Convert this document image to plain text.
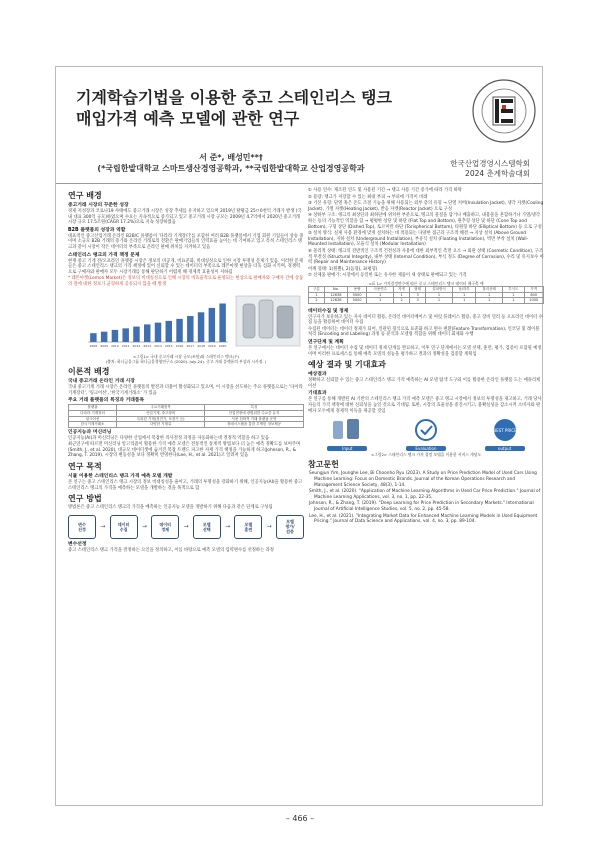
기계학습기법을 이용한 중고 스테인리스 탱크
매입가격 예측 모델에 관한 연구
한국산업경영시스템학회
2024 춘계학술대회
서 준*, 배성민**†
(*국립한밭대학교 스마트생산경영공학과, **국립한밭대학교 산업경영공학과
연구 배경
중고거래 시장의 꾸준한 성장
경제 저성장과 코로나19 사태에도 중고거래 시장은 성장 추세를 유지하고 있으며 2019년 탈황금 25ㅁ0천억 거래가 발생 (국내 대표 300억 규모)하였으며 수요는 지속적으로 증가되고 있고 중고거래 시장 규모는 2009년 4.7억에서 2020년 중고거래 시장 규모 17.5조원(CAGR 17.2%)으로 지속 성장하였음
B2B 플랫폼의 성장과 역할
대표적인 중고산업거래 온라인 B2B/C 플랫폼이 '다라라 기계장터'를 포함한 여러 B2B 플랫폼에서 기업 회원 기업들이 상승 중이며 소규모 B2B 거래의 증가와 온라인 거래로의 전환은 판매기업들의 인력효율 높이는 데 기여하고 있고 특히 스테인리스 탱크과 같이 시장이 작은 데이터의 부족으로 온라인 판매 위치를 지켜하고 있음
스테인리스 탱크의 가격 책정 문제
현재 중고 기계 전/오프라인 플랫폼 시장은 정보의 비공개, 비표준화, 비대칭성으로 인한 시장 투명성 문제가 있음. 이러한 문제들은 중고 스테인리스 탱크의 가격 책정에 있어 신뢰할 수 있는 데이터의 부족으로 레몬마켓 현상을 더욱 심화 시키며, 경쟁력으로 구매자와 판매자 모두 시장거래를 통해 판단하기 어렵게 해 경제적 효율성이 저하됨
* 레몬마켓(Lemon Market)은 정보의 비대칭성으로 인해 시장의 비효율적으로 운영되는 현상으로 판매자와 구매자 간에 상품의 질에 대한 정보가 균형하게 공유되지 않을 때 발생
2008 2009 2010 2011 2012 2013 2014 2015 2016 2017 2018 2019 2020
<그림1> 국내 중고거래 시장 규모(조원)와 스테인리스 탱크(우)
(출처: 하나금융그룹 하나금융경영연구소 (2020). July 24). 중고 거래 플랫폼의 부상과 시사점. )
이론적 배경
국내 중고거래 온라인 거래 시장
국내 중고기계 거래 시장은 온라인 플랫폼의 발전과 더불어 활성화되고 있으며, 이 시장을 선도하는 주요 플랫폼으로는 '다이라 기계장터', '링크어선', '한국기계거래소' 가 있음
주요 거래 플랫폼의 특징과 거래품목
플랫폼	주요거래품목	특징
다라라 기계장터	산업기계, 중고장비	산업현장에 광범위한 수요층 유지
링크어선	특화된 기계(정전기, 포장기 등)	사용 친화적 거래 플랫폼 운영
한국기계거래소	다양한 기계류	경매시스템을 통한 투명한 정보제공
인공지능과 머신러닝
인공지능(AI)과 머신러닝은 다양한 산업에서 복잡한 의사결정 과정을 자동화하는데 결정적 역할을 하고 있음
최근연구에 따르면 머신러닝 알고리즘이 활용한 가격 예측 모델은 전통적인 통계적 방법보다 더 높은 예측 정확도를 보여주며(Smith, J., et al. 2020), 대규모 데이터셋에 숨겨진 복잡 트렌드 파고한 자재 가격 책정을 가능하게 하고(Johnson, R., & Zhang, T. 2019), 시장의 변동성을 보다 정확히 반영한다(Lee, H., et al. 2021)고 알려져 있음
연구 목적
시뮬 이용한 스테인리스 탱크 가격 예측 모델 개발
본 연구는 중고 스테인리스 탱크 시장의 정보 비대칭성을 줄이고, 거래의 투명성을 강화하기 위해, 인공지능(AI)을 활용한 중고 스테인리스 탱크의 가격을 예측하는 모델을 개발하는 것을 목적으로 함
연구 방법
방법론은 중고 스테인리스 탱크의 가격을 예측하는 인공지능 모델을 개발하기 위해 다음과 같은 단계로 구성됨
변수
선정	→	데이터
수집	→	데이터
정제	→	모델
선택	→	모델
훈련	→
모델
평가/
검증
변수선정
중고 스테인리스 탱크 가격을 결정하는 요인을 정의하고, 이를 바탕으로 예측 모델의 입력변수를 선정하는 과정
① 사용 연수: 제조된 연도 및 사용된 기간 → 탱크 사용 기간 증가에 따라 가격 하락
② 용량: 탱크가 저장할 수 있는 최대 부피 → 부피에 가격이 비례
③ 기본 유형: 단열 혹은 온도 조절 기능을 위해 사용되는 외부 층의 유형 → 단열 커버(Insulation Jacket), 냉각 자켓(Cooling Jacket), 가열 자켓(Heating Jacket), 반응 자켓(Reactor Jacket) 으로 구성
④ 상하부 구조: 탱크의 최상단과 최하단에 위치한 부분으로, 탱크의 물질을 담거나 배출하고, 내용물을 혼합하거나 가열/냉각하는 등의 기능적인 역할을 함 → 평평한 상단 및 하단 (Flat Top and Bottom), 원추형 상단 및 하단 (Cone Top and Bottom), 구형 상단 (Dished Top), 토르미칼 하단 (Torispherical Bottom), 타원형 하단 (Elliptical Bottom) 등 으로 구성
⑤ 설치 방식: 실제 사용 환경에 맞게 설치하는 데 적용되는 다양한 접근과 구조적 해결 → 지상 설치 (Above Ground Installation), 지하 설치 (Underground Installation), 부유식 설치 (Floating Installation), 벽면 부착 설치 (Wall-Mounted Installation), 모듈식 설치 (Modular Installation)
⑥ 물리적 상태: 탱크의 전반적인 구조적 건전성과 사용에 대한 외부적인 측면 요소 → 외관 상태 (Cosmetic Condition), 구조적 무결성 (Structural Integrity), 내부 상태 (Internal Condition), 부식 정도 (Degree of Corrosion), 수리 및 유지보수 이력 (Repair and Maintenance History)
어깨 형태: 1(원뿔), 2(돔형), 3(평형)
⑦ 신제품 판매가: 시장에서 동일한 또는 유사한 제품이 새 상태로 판매되고 있는 가격
<표 1> 가격결정변수에 따른 중고 스테인리스 탱크 데이터 매구축 예
구분	No.	용량	사용연수	자켓	형태	설치방식	상/하부	물리상태	부식도	가격
1	12636	5000	1	1	3	1	1	1	1	800
2	12636	5000	1	2	3	1	1	1	1	1000
데이터수집 및 정제
연구자가 보유하고 있는 자사 데이터 활용, 온라인 데이터베이스 및 여럿 플레이스 활용, 중고 장비 딜러 등 오프라인 데이터 수집 등을 활용하여 데이터 수집
수집된 데이터는 데이터 정제가 되어, 일관된 형식으로 표준화 하고 변수 변환(Feature Transformation), 인코딩 및 레이블 처리 (Encoding and Labeling) 과정 등 분석과 모델링 적합을 위해 데이터 회제화 수행
연구단계 및 계획
본 연구에서는 데이터 수집 및 데이터 정제 단계를 완료하고, 이후 연구 단계에서는 모델 선택, 훈련, 평가, 검증이 포함될 예정이며 이러한 프로세스를 통해 예측 모델의 성능을 평가하고 결과의 정확성을 검증할 계획임
예상 결과 및 기대효과
예상결과
정확하고 신뢰할 수 있는 중고 스테인리스 탱크 가격 예측하는 AI 모델 탐색 도구와 이를 활용한 온라인 플랫폼 도는 애플리케이션
기대효과
본 연구를 통해 개발된 AI 기반의 스테인리스 탱크 가격 예측 모델은 중고 탱크 시장에서 정보의 투명성을 제고하고, 거래 당사자들의 가격 책정에 대한 신뢰성을 높일 것으로 기대됨. 또한, 시장의 효율성을 증진시키고, 불확실성을 감소시켜 소비자와 판매자 모두에게 경제적 이득을 제공할 것임
Input	Evaluation
BEST PRICE
output
<그림2> 스테인리스 탱크 가격 결정 모델을 이용한 서비스 개념도
참고문헌
Seungjun Yim, Jounghe Lee, Bi Choonho Ryu (2023). A Study on Price Prediction Model of Used Cars Using Machine Learning: Focus on Domestic Brands. Journal of the Korean Operations Research and Management Science Society, 48(3), 1-14.
Smith, J., et al. (2020). "Application of Machine Learning Algorithms in Used Car Price Prediction." Journal of Machine Learning Applications, vol. 3, no. 1, pp. 22-35.
Johnson, R., & Zhang, T. (2019). "Deep Learning for Price Prediction in Secondary Markets." International Journal of Artificial Intelligence Studies, vol. 5, no. 2, pp. 45-58.
Lee, H., et al. (2021). "Integrating Market Data for Enhanced Machine Learning Models in Used Equipment Pricing." Journal of Data Science and Applications, vol. 4, no. 3, pp. 89-104.
– 466 –
